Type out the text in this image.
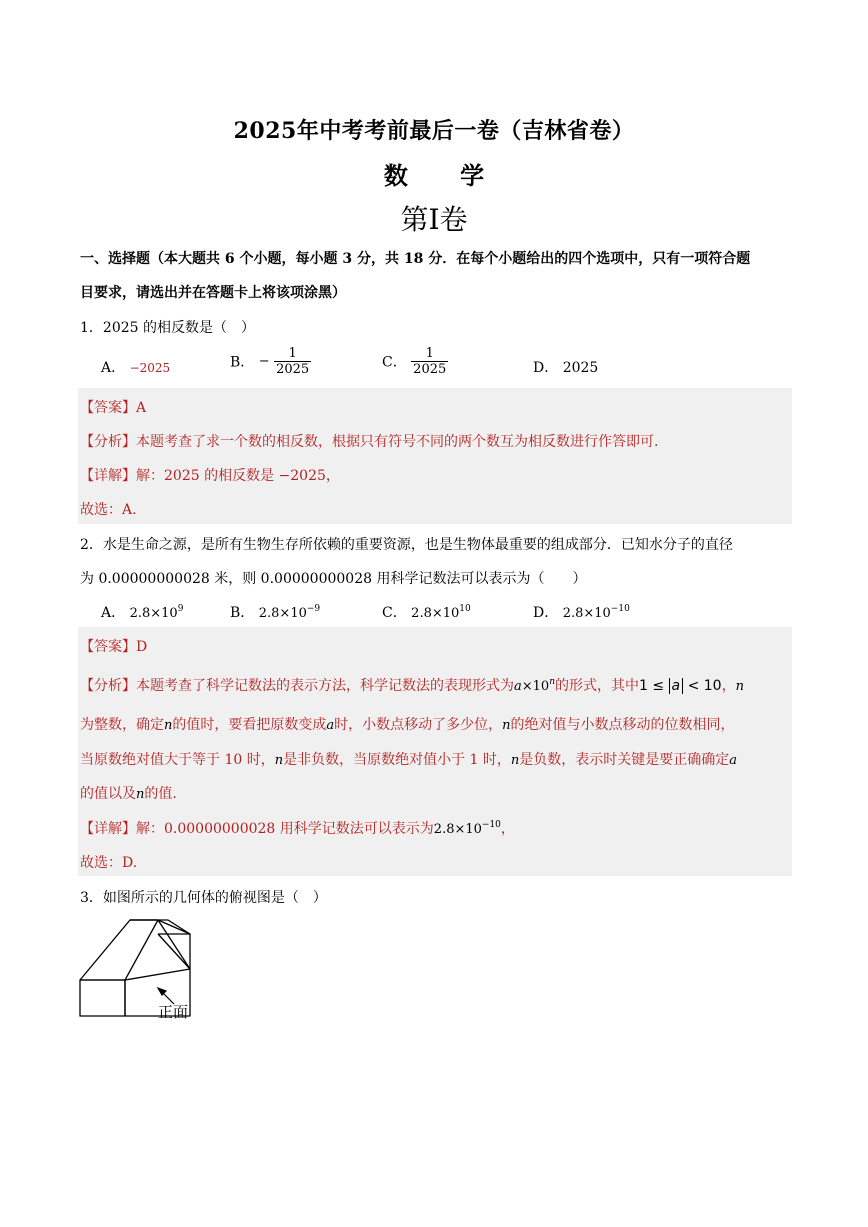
2025年中考考前最后一卷（吉林省卷）
数 学
第I卷
一、选择题（本大题共 6 个小题，每小题 3 分，共 18 分．在每个小题给出的四个选项中，只有一项符合题
目要求，请选出并在答题卡上将该项涂黑）
1．2025 的相反数是（　）
A． −2025	B． − $\frac{1}{2025}$	C． $\frac{1}{2025}$	D． 2025
【答案】A
【分析】本题考查了求一个数的相反数，根据只有符号不同的两个数互为相反数进行作答即可.
【详解】解：2025 的相反数是 −2025，
故选：A.
2．水是生命之源，是所有生物生存所依赖的重要资源，也是生物体最重要的组成部分．已知水分子的直径
为 0.00000000028 米，则 0.00000000028 用科学记数法可以表示为（　　）
A． $2.8\times 10^9$	B． $2.8\times 10^{-9}$	C． $2.8\times 10^{10}$	D． $2.8\times 10^{-10}$
【答案】D
【分析】本题考查了科学记数法的表示方法，科学记数法的表现形式为$a\times 10^n$的形式，其中1 ≤ a < 10，n
为整数，确定n的值时，要看把原数变成a时，小数点移动了多少位，n的绝对值与小数点移动的位数相同，
当原数绝对值大于等于 10 时，n是非负数，当原数绝对值小于 1 时，n是负数，表示时关键是要正确确定a
的值以及n的值.
【详解】解：0.00000000028 用科学记数法可以表示为$2.8\times 10^{-10}$，
故选：D.
3．如图所示的几何体的俯视图是（　）
正面
